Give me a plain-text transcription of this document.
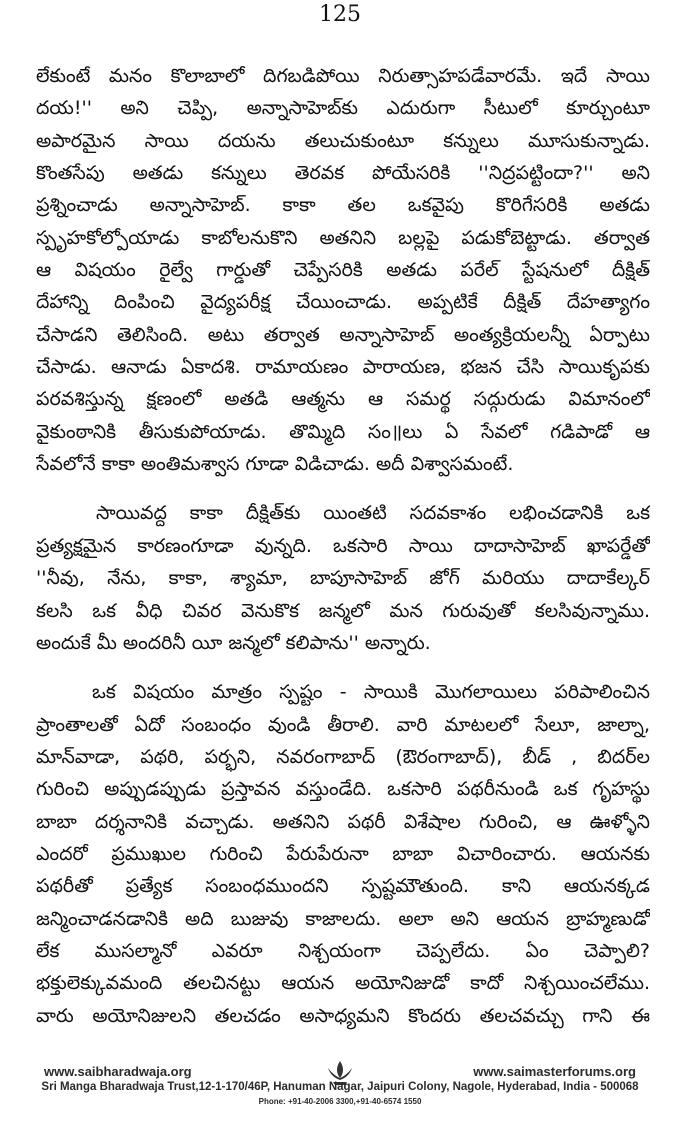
125
లేకుంటే మనం కొలాబాలో దిగబడిపోయి నిరుత్సాహపడేవారమే. ఇదే సాయి
దయ!'' అని చెప్పి, అన్నాసాహెబ్‌కు ఎదురుగా సీటులో కూర్చుంటూ
అపారమైన సాయి దయను తలుచుకుంటూ కన్నులు మూసుకున్నాడు.
కొంతసేపు అతడు కన్నులు తెరవక పోయేసరికి ''నిద్రపట్టిందా?'' అని
ప్రశ్నించాడు అన్నాసాహెబ్. కాకా తల ఒకవైపు కొరిగేసరికి అతడు
స్పృహకోల్పోయాడు కాబోలనుకొని అతనిని బల్లపై పడుకోబెట్టాడు. తర్వాత
ఆ విషయం రైల్వే గార్డుతో చెప్పేసరికి అతడు పరేల్ స్టేషనులో దీక్షిత్
దేహాన్ని దింపించి వైద్యపరీక్ష చేయించాడు. అప్పటికే దీక్షిత్ దేహత్యాగం
చేసాడని తెలిసింది. అటు తర్వాత అన్నాసాహెబ్ అంత్యక్రియలన్నీ ఏర్పాటు
చేసాడు. ఆనాడు ఏకాదశి. రామాయణం పారాయణ, భజన చేసి సాయికృపకు
పరవశిస్తున్న క్షణంలో అతడి ఆత్మను ఆ సమర్థ సద్గురుడు విమానంలో
వైకుంఠానికి తీసుకుపోయాడు. తొమ్మిది సం॥లు ఏ సేవలో గడిపాడో ఆ
సేవలోనే కాకా అంతిమశ్వాస గూడా విడిచాడు. అదీ విశ్వాసమంటే.
సాయివద్ద కాకా దీక్షిత్‌కు యింతటి సదవకాశం లభించడానికి ఒక
ప్రత్యక్షమైన కారణంగూడా వున్నది. ఒకసారి సాయి దాదాసాహెబ్ ఖాపర్డేతో
''నీవు, నేను, కాకా, శ్యామా, బాపూసాహెబ్ జోగ్ మరియు దాదాకేల్కర్
కలసి ఒక వీధి చివర వెనుకొక జన్మలో మన గురువుతో కలసివున్నాము.
అందుకే మీ అందరినీ యీ జన్మలో కలిపాను'' అన్నారు.
ఒక విషయం మాత్రం స్పష్టం - సాయికి మొగలాయిలు పరిపాలించిన
ప్రాంతాలతో ఏదో సంబంధం వుండి తీరాలి. వారి మాటలలో సేలూ, జాల్నా,
మాన్‌వాడా, పథరి, పర్భని, నవరంగాబాద్ (ఔరంగాబాద్), బీడ్ , బిదర్‌ల
గురించి అప్పుడప్పుడు ప్రస్తావన వస్తుండేది. ఒకసారి పథరీనుండి ఒక గృహస్థు
బాబా దర్శనానికి వచ్చాడు. అతనిని పథరీ విశేషాల గురించి, ఆ ఊళ్ళోని
ఎందరో ప్రముఖుల గురించి పేరుపేరునా బాబా విచారించారు. ఆయనకు
పథరీతో ప్రత్యేక సంబంధముందని స్పష్టమౌతుంది. కాని ఆయనక్కడ
జన్మించాడనడానికి అది బుజువు కాజాలదు. అలా అని ఆయన బ్రాహ్మణుడో
లేక ముసల్మానో ఎవరూ నిశ్చయంగా చెప్పలేదు. ఏం చెప్పాలి?
భక్తులెక్కువమంది తలచినట్టు ఆయన అయోనిజుడో కాదో నిశ్చయించలేము.
వారు అయోనిజులని తలచడం అసాధ్యమని కొందరు తలచవచ్చు గాని ఈ
www.saibharadwaja.org	www.saimasterforums.org
Sri Manga Bharadwaja Trust,12-1-170/46P, Hanuman Nagar, Jaipuri Colony, Nagole, Hyderabad, India - 500068
Phone: +91-40-2006 3300,+91-40-6574 1550
